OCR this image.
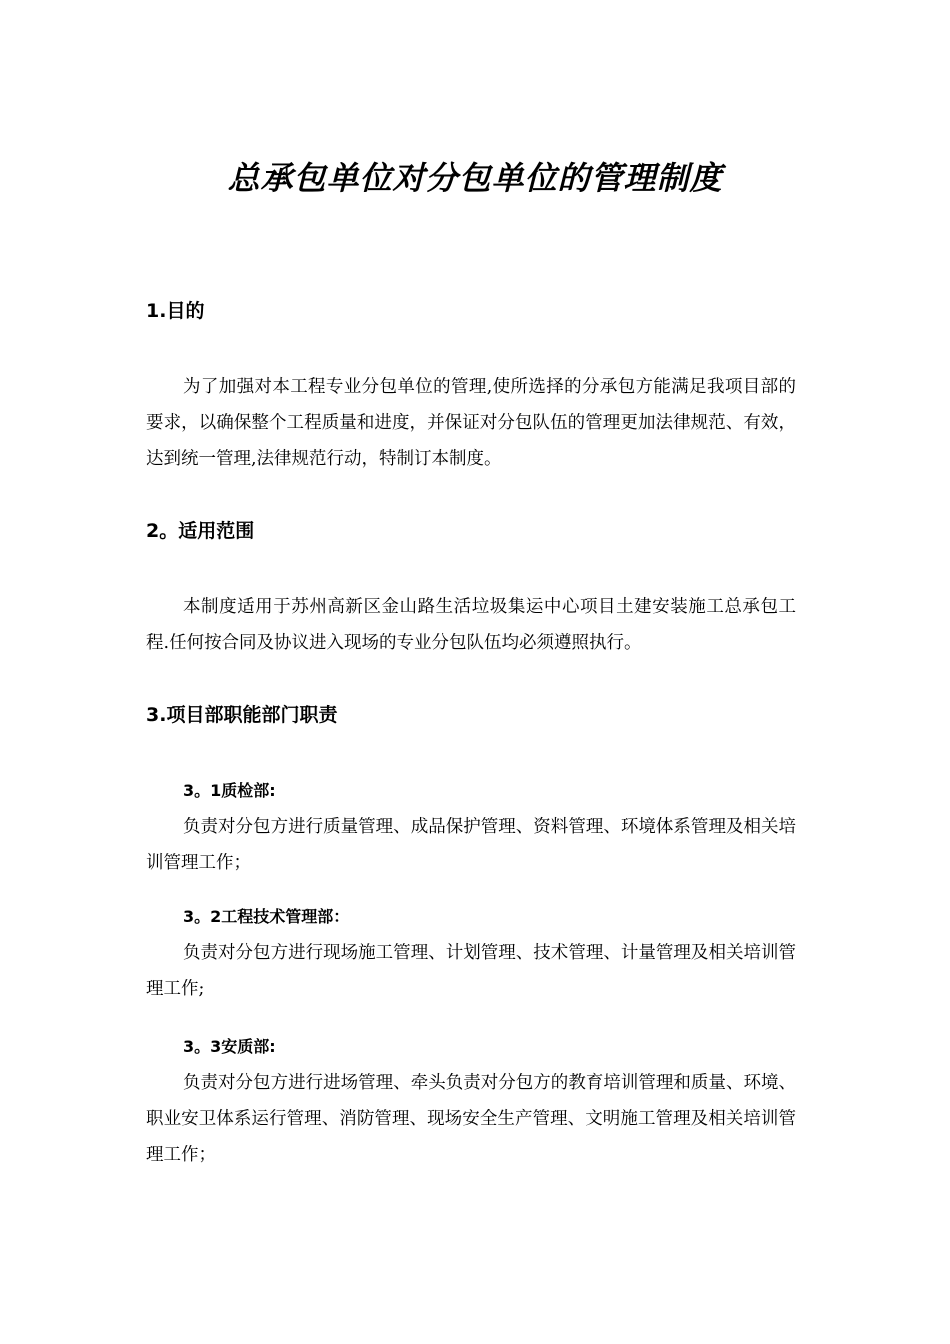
总承包单位对分包单位的管理制度
1.目的
为了加强对本工程专业分包单位的管理,使所选择的分承包方能满足我项目部的要求，以确保整个工程质量和进度，并保证对分包队伍的管理更加法律规范、有效，达到统一管理,法律规范行动，特制订本制度。
2。适用范围
本制度适用于苏州高新区金山路生活垃圾集运中心项目土建安装施工总承包工程.任何按合同及协议进入现场的专业分包队伍均必须遵照执行。
3.项目部职能部门职责
3。1质检部:
负责对分包方进行质量管理、成品保护管理、资料管理、环境体系管理及相关培训管理工作；
3。2工程技术管理部：
负责对分包方进行现场施工管理、计划管理、技术管理、计量管理及相关培训管理工作;
3。3安质部:
负责对分包方进行进场管理、牵头负责对分包方的教育培训管理和质量、环境、职业安卫体系运行管理、消防管理、现场安全生产管理、文明施工管理及相关培训管理工作；
